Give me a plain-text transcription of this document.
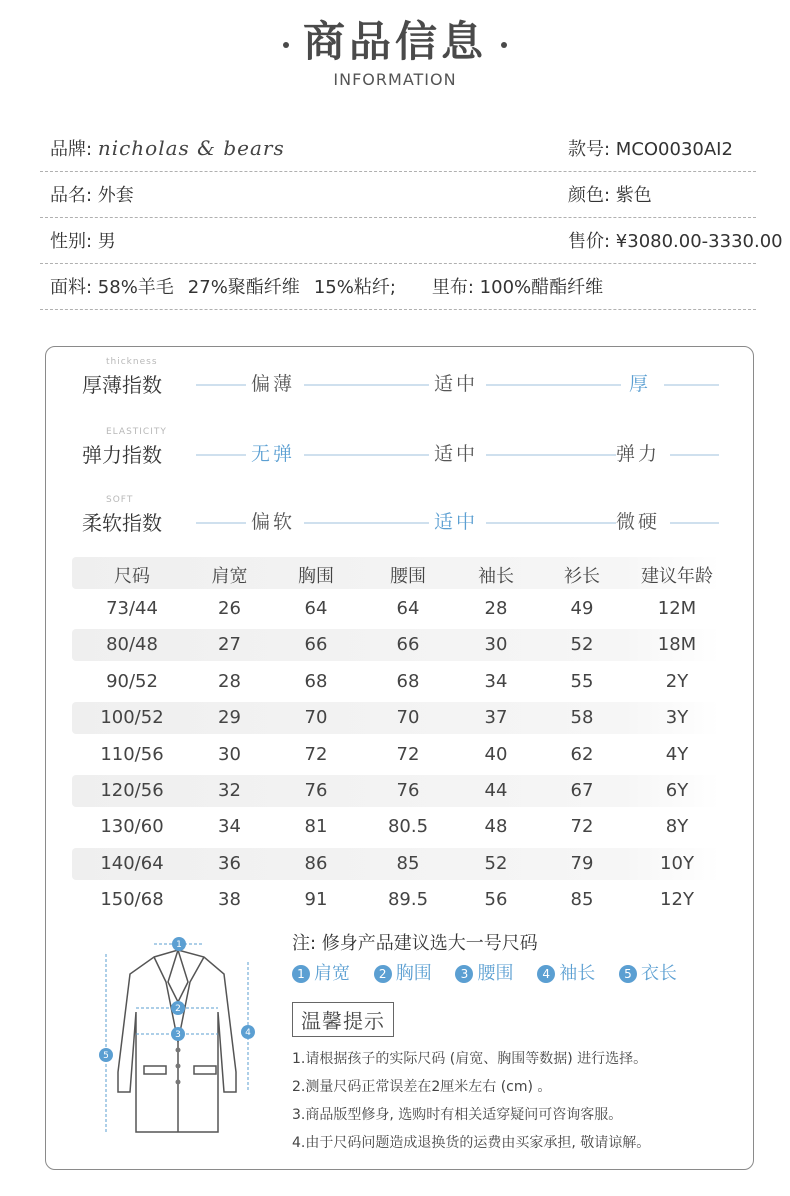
商品信息
INFORMATION
品牌: nicholas & bears	款号: MCO0030AI2
品名: 外套	颜色: 紫色
性别: 男	售价: ¥3080.00-3330.00
面料: 58%羊毛 27%聚酯纤维 15%粘纤; 里布: 100%醋酯纤维
thickness
厚薄指数	偏薄	适中	厚
ELASTICITY
弹力指数	无弹	适中	弹力
SOFT
柔软指数	偏软	适中	微硬
尺码	肩宽	胸围	腰围	袖长	衫长	建议年龄
73/44	26	64	64	28	49	12M
80/48	27	66	66	30	52	18M
90/52	28	68	68	34	55	2Y
100/52	29	70	70	37	58	3Y
110/56	30	72	72	40	62	4Y
120/56	32	76	76	44	67	6Y
130/60	34	81	80.5	48	72	8Y
140/64	36	86	85	52	79	10Y
150/68	38	91	89.5	56	85	12Y
1
2
3	4
5
注: 修身产品建议选大一号尺码
1 肩宽 2 胸围 3 腰围 4 袖长 5 衣长
温馨提示
1.请根据孩子的实际尺码 (肩宽、胸围等数据) 进行选择。
2.测量尺码正常误差在2厘米左右 (cm) 。
3.商品版型修身, 选购时有相关适穿疑问可咨询客服。
4.由于尺码问题造成退换货的运费由买家承担, 敬请谅解。
